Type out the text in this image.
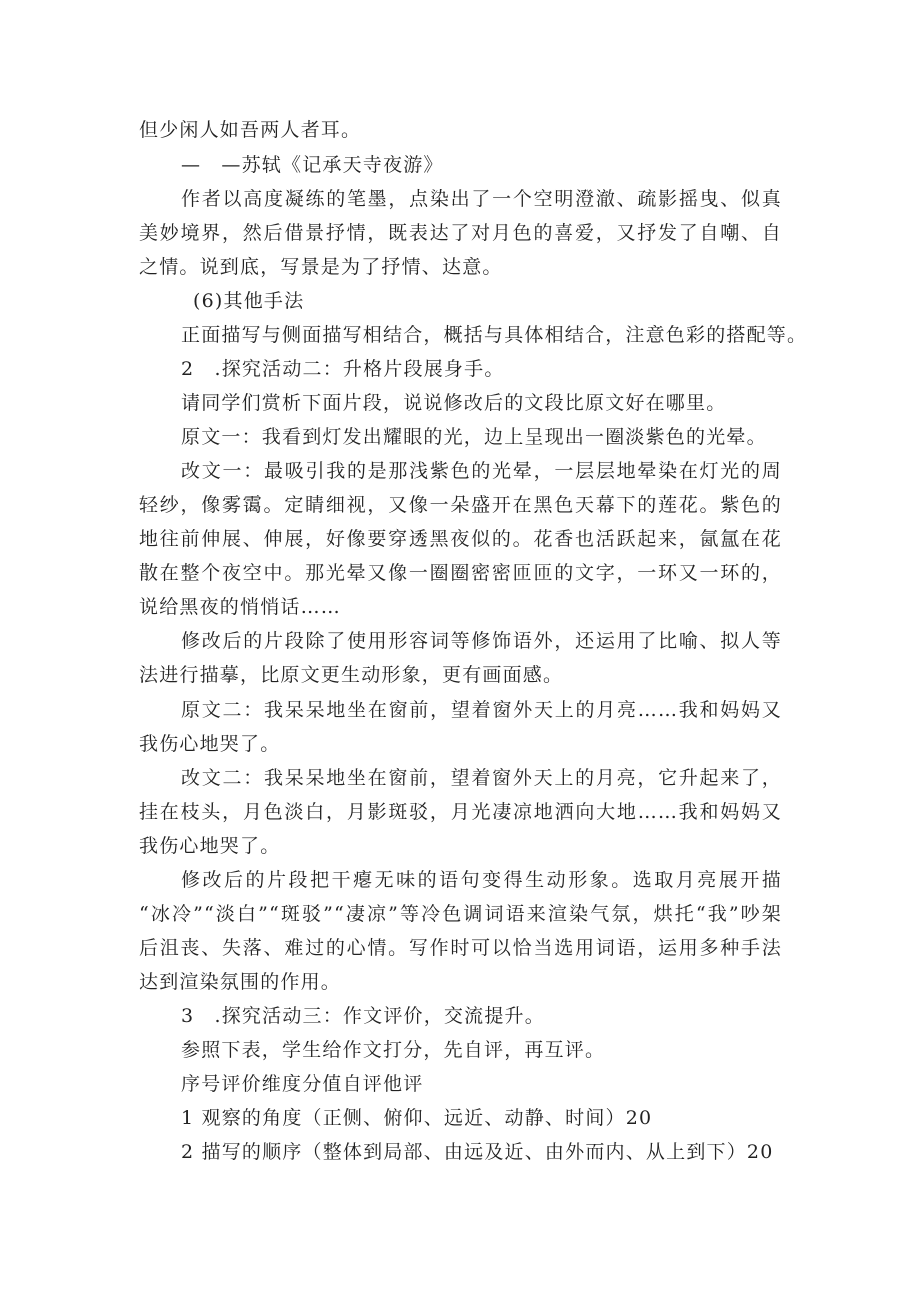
但少闲人如吾两人者耳。
—　—苏轼《记承天寺夜游》
作者以高度凝练的笔墨，点染出了一个空明澄澈、疏影摇曳、似真
美妙境界，然后借景抒情，既表达了对月色的喜爱，又抒发了自嘲、自
之情。说到底，写景是为了抒情、达意。
(6)其他手法
正面描写与侧面描写相结合，概括与具体相结合，注意色彩的搭配等。
2　.探究活动二：升格片段展身手。
请同学们赏析下面片段，说说修改后的文段比原文好在哪里。
原文一：我看到灯发出耀眼的光，边上呈现出一圈淡紫色的光晕。
改文一：最吸引我的是那浅紫色的光晕，一层层地晕染在灯光的周
轻纱，像雾霭。定睛细视，又像一朵盛开在黑色天幕下的莲花。紫色的
地往前伸展、伸展，好像要穿透黑夜似的。花香也活跃起来，氤氲在花
散在整个夜空中。那光晕又像一圈圈密密匝匝的文字，一环又一环的，
说给黑夜的悄悄话……
修改后的片段除了使用形容词等修饰语外，还运用了比喻、拟人等
法进行描摹，比原文更生动形象，更有画面感。
原文二：我呆呆地坐在窗前，望着窗外天上的月亮……我和妈妈又
我伤心地哭了。
改文二：我呆呆地坐在窗前，望着窗外天上的月亮，它升起来了，
挂在枝头，月色淡白，月影斑驳，月光凄凉地洒向大地……我和妈妈又
我伤心地哭了。
修改后的片段把干瘪无味的语句变得生动形象。选取月亮展开描
“冰冷”“淡白”“斑驳”“凄凉”等冷色调词语来渲染气氛，烘托“我”吵架
后沮丧、失落、难过的心情。写作时可以恰当选用词语，运用多种手法
达到渲染氛围的作用。
3　.探究活动三：作文评价，交流提升。
参照下表，学生给作文打分，先自评，再互评。
序号评价维度分值自评他评
1 观察的角度（正侧、俯仰、远近、动静、时间）20
2 描写的顺序（整体到局部、由远及近、由外而内、从上到下）20
